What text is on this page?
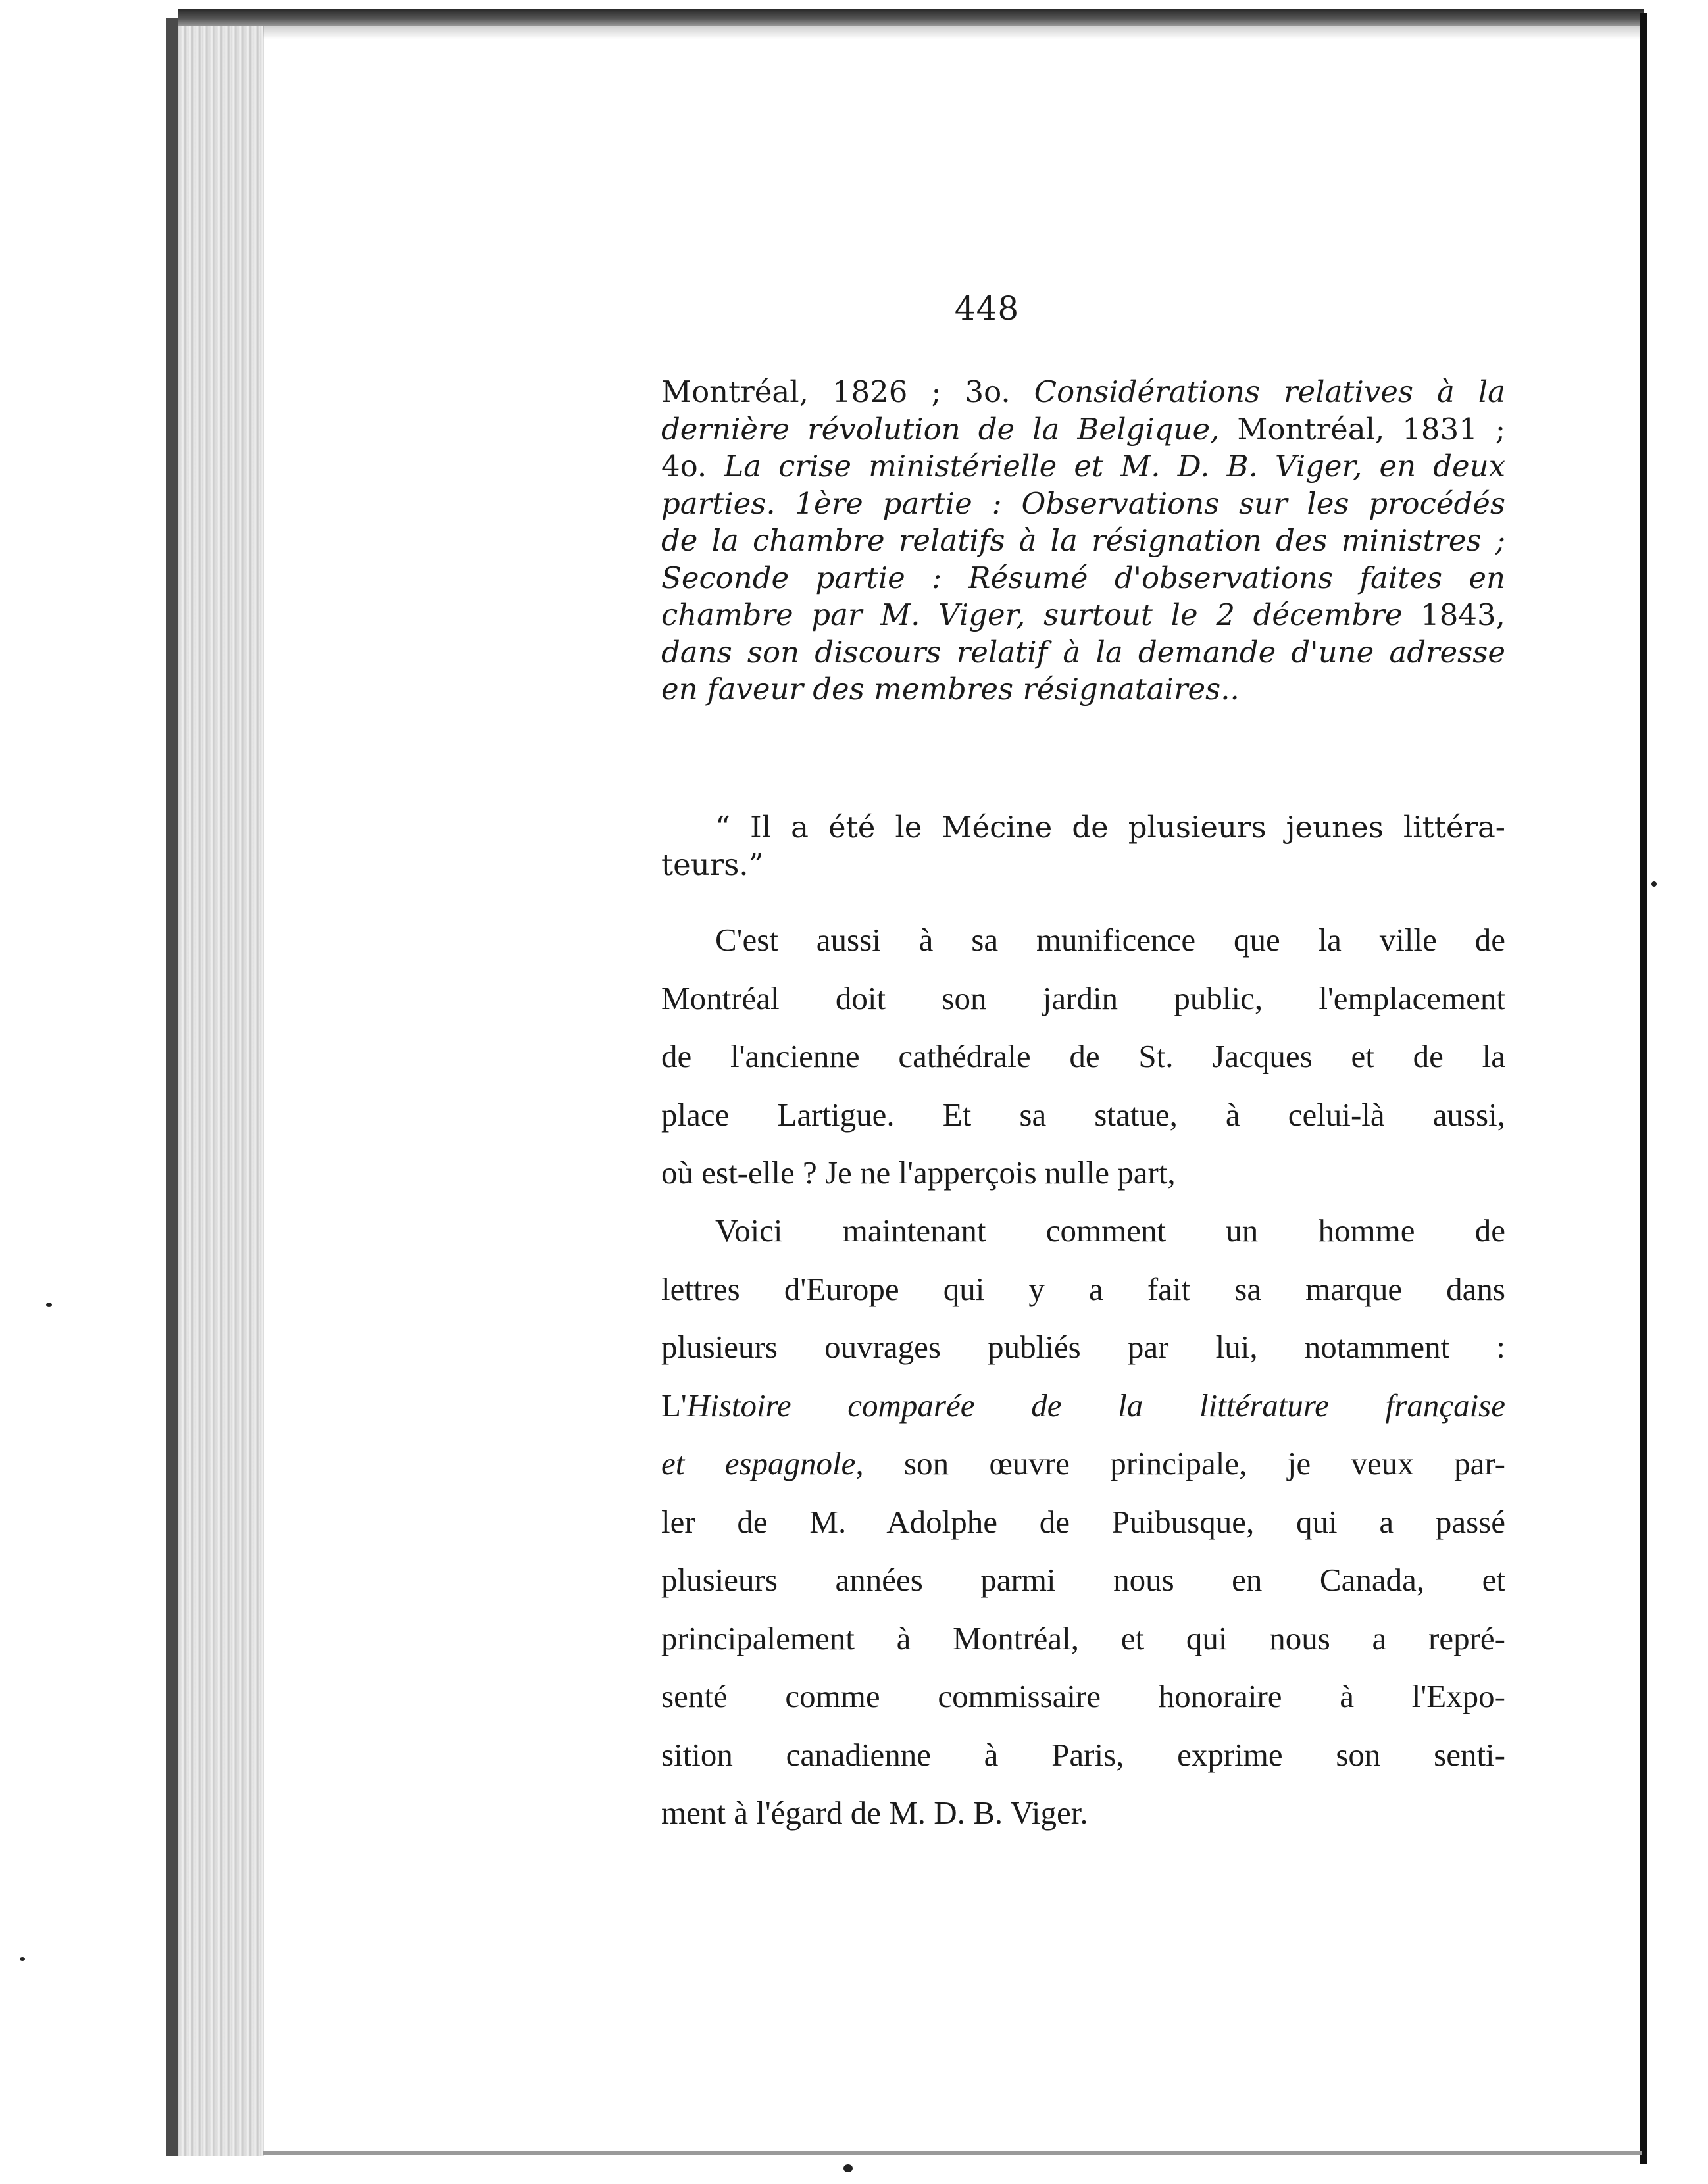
448
Montréal, 1826 ; 3o. Considérations relatives à la
dernière révolution de la Belgique, Montréal, 1831 ;
4o. La crise ministérielle et M. D. B. Viger, en deux
parties. 1ère partie : Observations sur les procédés
de la chambre relatifs à la résignation des ministres ;
Seconde partie : Résumé d'observations faites en
chambre par M. Viger, surtout le 2 décembre 1843,
dans son discours relatif à la demande d'une adresse
en faveur des membres résignataires..
“ Il a été le Mécine de plusieurs jeunes littéra-
teurs.”
C'est aussi à sa munificence que la ville de
Montréal doit son jardin public, l'emplacement
de l'ancienne cathédrale de St. Jacques et de la
place Lartigue. Et sa statue, à celui-là aussi,
où est-elle ? Je ne l'apperçois nulle part,
Voici maintenant comment un homme de
lettres d'Europe qui y a fait sa marque dans
plusieurs ouvrages publiés par lui, notamment :
L'Histoire comparée de la littérature française
et espagnole, son œuvre principale, je veux par-
ler de M. Adolphe de Puibusque, qui a passé
plusieurs années parmi nous en Canada, et
principalement à Montréal, et qui nous a repré-
senté comme commissaire honoraire à l'Expo-
sition canadienne à Paris, exprime son senti-
ment à l'égard de M. D. B. Viger.
